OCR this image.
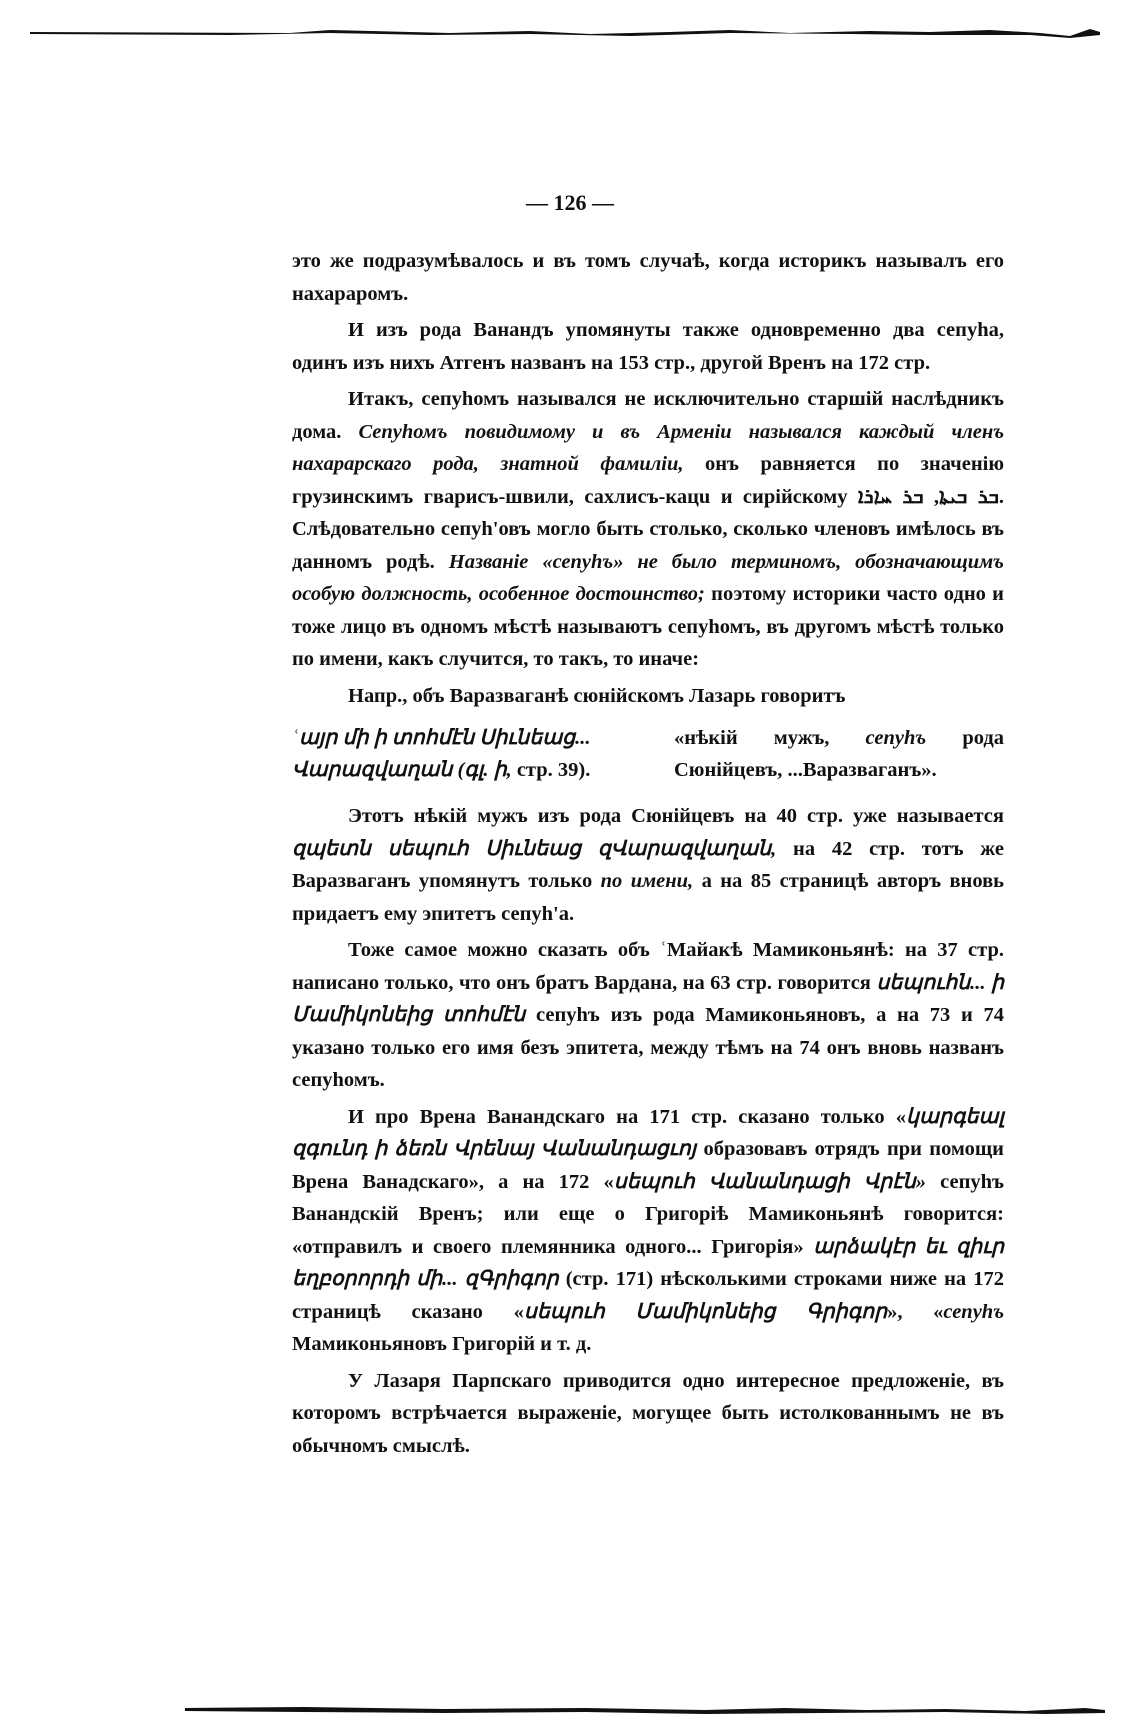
— 126 —

это же подразумѣвалось и въ томъ случаѣ, когда историкъ называлъ его нахараромъ.

И изъ рода Ванандъ упомянуты также одновременно два сепуһа, одинъ изъ нихъ Атгенъ названъ на 153 стр., другой Вренъ на 172 стр.

Итакъ, сепуһомъ назывался не исключительно старшій наслѣдникъ дома. Сепуһомъ повидимому и въ Арменіи назывался каждый членъ нахарарскаго рода, знатной фамиліи, онъ равняется по значенію грузинскимъ гварисъ-швили, сахлисъ-кацu и сирійскому ܒܪ ܒܝܬܐ, ܒܪ ܚܐܪܐ. Слѣдовательно сепуһ'овъ могло быть столько, сколько членовъ имѣлось въ данномъ родѣ. Названіе «сепуһъ» не было терминомъ, обозначающимъ особую должность, особенное достоинство; поэтому историки часто одно и тоже лицо въ одномъ мѣстѣ называютъ сепуһомъ, въ другомъ мѣстѣ только по имени, какъ случится, то такъ, то иначе:

Напр., объ Варазваганѣ сюнійскомъ Лазарь говоритъ

ʿայր մի ի տոհմէն Սիւնեաց... Վարազվաղան (գլ. ի, стр. 39).
«нѣкій мужъ, сепуһъ рода Сюнійцевъ, ...Варазваганъ».

Этотъ нѣкій мужъ изъ рода Сюнійцевъ на 40 стр. уже называется զպետն սեպուհ Սիւնեաց զՎարազվաղան, на 42 стр. тотъ же Варазваганъ упомянутъ только по имени, а на 85 страницѣ авторъ вновь придаетъ ему эпитетъ сепуһ'а.

Тоже самое можно сказать объ ʿМайакѣ Мамиконьянѣ: на 37 стр. написано только, что онъ братъ Вардана, на 63 стр. говорится սեպուհն... ի Մամիկոնեից տոհմէն сепуһъ изъ рода Мамиконьяновъ, а на 73 и 74 указано только его имя безъ эпитета, между тѣмъ на 74 онъ вновь названъ сепуһомъ.

И про Врена Ванандскаго на 171 стр. сказано только «կարգեալ զգունդ ի ձեռն Վրենայ Վանանդացւոյ образовавъ отрядъ при помощи Врена Ванадскаго», а на 172 «սեպուհ Վանանդացի Վրէն» сепуһъ Ванандскій Вренъ; или еще о Григоріѣ Мамиконьянѣ говорится: «отправилъ и своего племянника одного... Григорія» արձակէր եւ զիւր եղբօրորդի մի... զԳրիգոր (стр. 171) нѣсколькими строками ниже на 172 страницѣ сказано «սեպուհ Մամիկոնեից Գրիգոր», «сепуһъ Мамиконьяновъ Григорій и т. д.

У Лазаря Парпскаго приводится одно интересное предложеніе, въ которомъ встрѣчается выраженіе, могущее быть истолкованнымъ не въ обычномъ смыслѣ.
